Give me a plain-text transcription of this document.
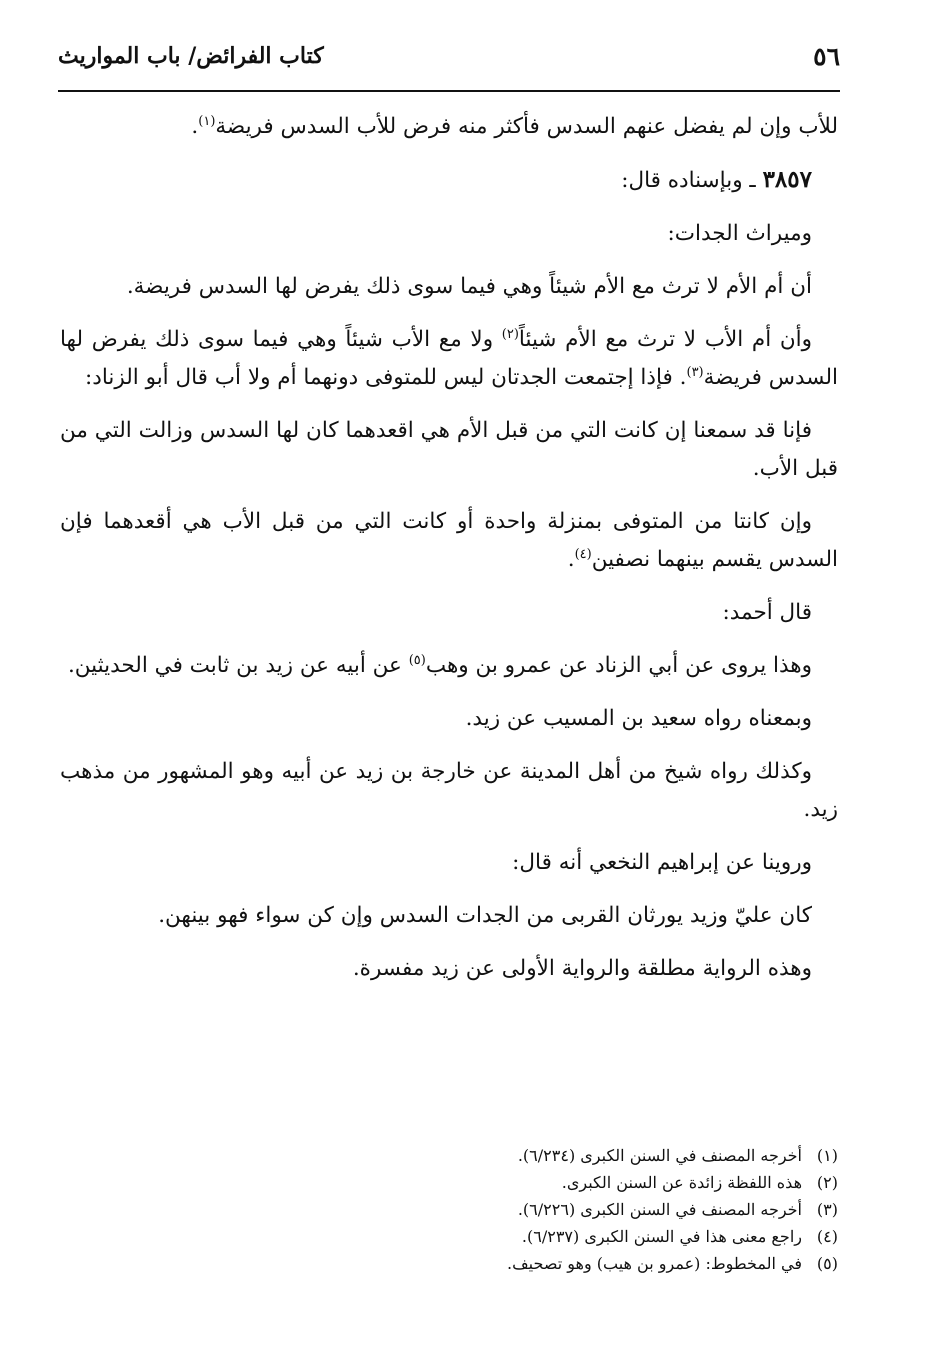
٥٦
كتاب الفرائض/ باب المواريث

للأب وإن لم يفضل عنهم السدس فأكثر منه فرض للأب السدس فريضة$^{(١)}$.

٣٨٥٧ ـ وبإسناده قال:

وميراث الجدات:

أن أم الأم لا ترث مع الأم شيئاً وهي فيما سوى ذلك يفرض لها السدس فريضة.

وأن أم الأب لا ترث مع الأم شيئاً$^{(٢)}$ ولا مع الأب شيئاً وهي فيما سوى ذلك يفرض لها السدس فريضة$^{(٣)}$. فإذا إجتمعت الجدتان ليس للمتوفى دونهما أم ولا أب قال أبو الزناد:

فإنا قد سمعنا إن كانت التي من قبل الأم هي اقعدهما كان لها السدس وزالت التي من قبل الأب.

وإن كانتا من المتوفى بمنزلة واحدة أو كانت التي من قبل الأب هي أقعدهما فإن السدس يقسم بينهما نصفين$^{(٤)}$.

قال أحمد:

وهذا يروى عن أبي الزناد عن عمرو بن وهب$^{(٥)}$ عن أبيه عن زيد بن ثابت في الحديثين.

وبمعناه رواه سعيد بن المسيب عن زيد.

وكذلك رواه شيخ من أهل المدينة عن خارجة بن زيد عن أبيه وهو المشهور من مذهب زيد.

وروينا عن إبراهيم النخعي أنه قال:

كان عليّ وزيد يورثان القربى من الجدات السدس وإن كن سواء فهو بينهن.

وهذه الرواية مطلقة والرواية الأولى عن زيد مفسرة.

(١)
أخرجه المصنف في السنن الكبرى (٦/٢٣٤).
(٢)
هذه اللفظة زائدة عن السنن الكبرى.
(٣)
أخرجه المصنف في السنن الكبرى (٦/٢٢٦).
(٤)
راجع معنى هذا في السنن الكبرى (٦/٢٣٧).
(٥)
في المخطوط: (عمرو بن هيب) وهو تصحيف.
